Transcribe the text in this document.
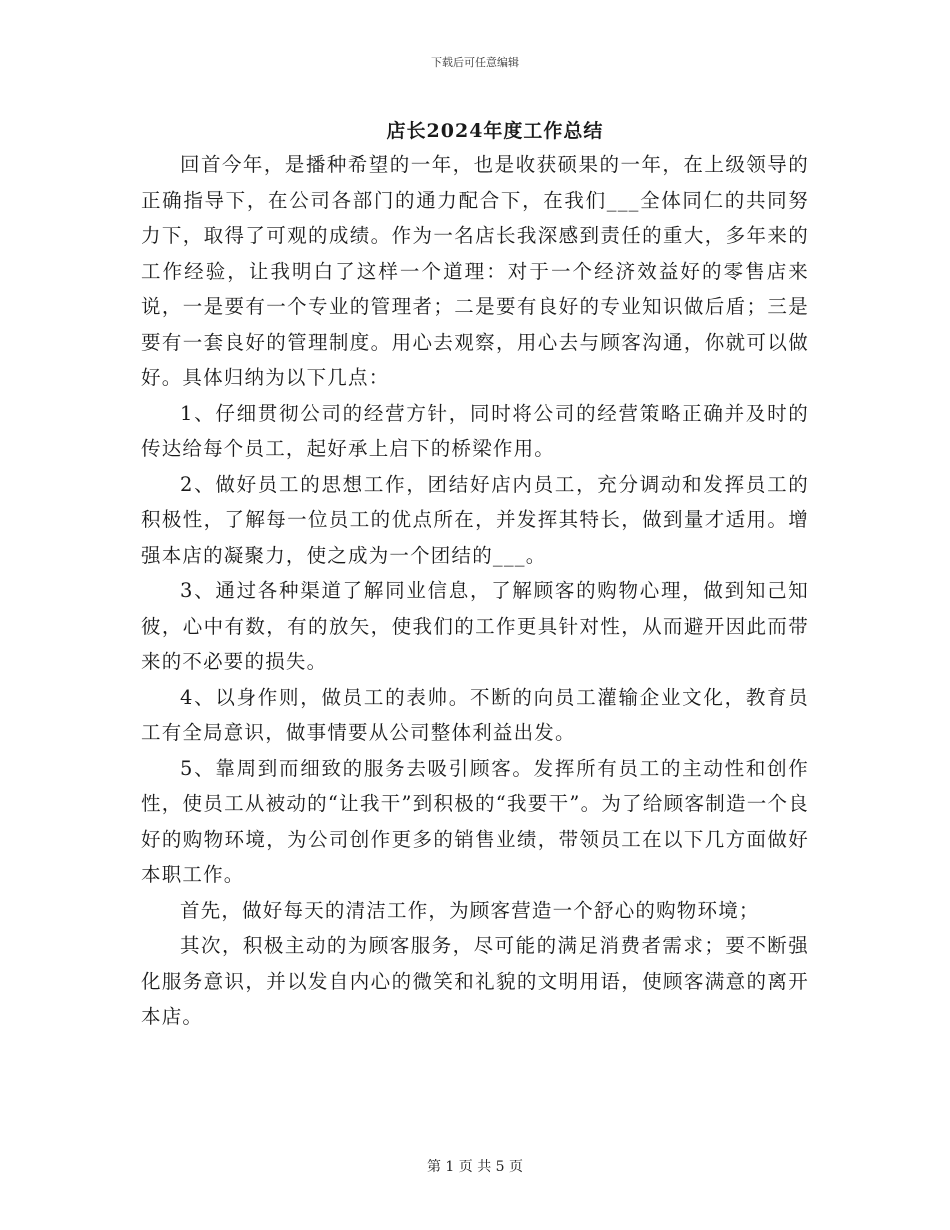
下载后可任意编辑
店长2024年度工作总结

回首今年，是播种希望的一年，也是收获硕果的一年，在上级领导的正确指导下，在公司各部门的通力配合下，在我们___全体同仁的共同努力下，取得了可观的成绩。作为一名店长我深感到责任的重大，多年来的工作经验，让我明白了这样一个道理：对于一个经济效益好的零售店来说，一是要有一个专业的管理者；二是要有良好的专业知识做后盾；三是要有一套良好的管理制度。用心去观察，用心去与顾客沟通，你就可以做好。具体归纳为以下几点：

1、仔细贯彻公司的经营方针，同时将公司的经营策略正确并及时的传达给每个员工，起好承上启下的桥梁作用。

2、做好员工的思想工作，团结好店内员工，充分调动和发挥员工的积极性，了解每一位员工的优点所在，并发挥其特长，做到量才适用。增强本店的凝聚力，使之成为一个团结的___。

3、通过各种渠道了解同业信息，了解顾客的购物心理，做到知己知彼，心中有数，有的放矢，使我们的工作更具针对性，从而避开因此而带来的不必要的损失。

4、以身作则，做员工的表帅。不断的向员工灌输企业文化，教育员工有全局意识，做事情要从公司整体利益出发。

5、靠周到而细致的服务去吸引顾客。发挥所有员工的主动性和创作性，使员工从被动的“让我干”到积极的“我要干”。为了给顾客制造一个良好的购物环境，为公司创作更多的销售业绩，带领员工在以下几方面做好本职工作。

首先，做好每天的清洁工作，为顾客营造一个舒心的购物环境；

其次，积极主动的为顾客服务，尽可能的满足消费者需求；要不断强化服务意识，并以发自内心的微笑和礼貌的文明用语，使顾客满意的离开本店。

第 1 页 共 5 页
